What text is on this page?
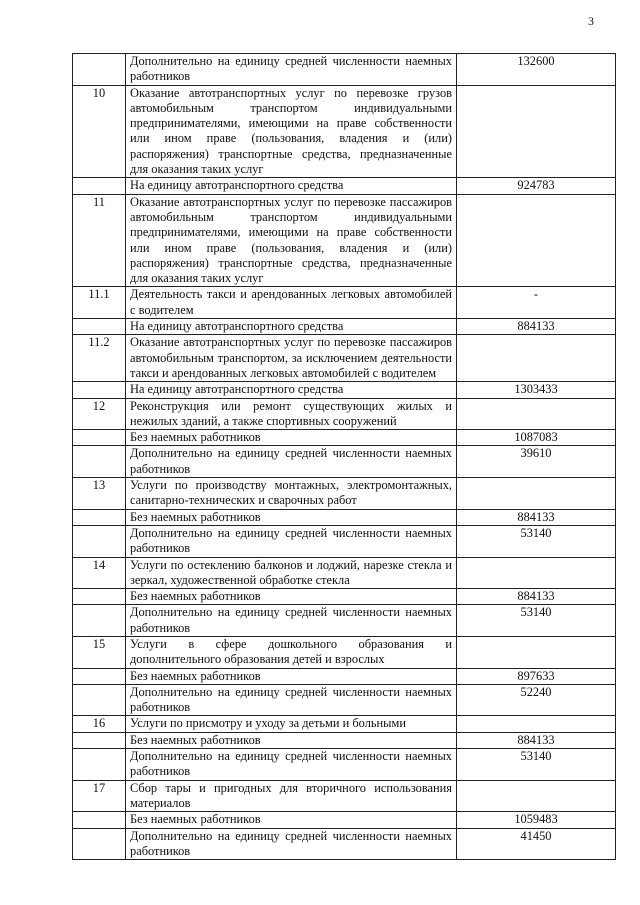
3
	Дополнительно на единицу средней численности наемных работников	132600
10	Оказание автотранспортных услуг по перевозке грузов автомобильным транспортом индивидуальными предпринимателями, имеющими на праве собственности или ином праве (пользования, владения и (или) распоряжения) транспортные средства, предназначенные для оказания таких услуг	
	На единицу автотранспортного средства	924783
11	Оказание автотранспортных услуг по перевозке пассажиров автомобильным транспортом индивидуальными предпринимателями, имеющими на праве собственности или ином праве (пользования, владения и (или) распоряжения) транспортные средства, предназначенные для оказания таких услуг	
11.1	Деятельность такси и арендованных легковых автомобилей с водителем	-
	На единицу автотранспортного средства	884133
11.2	Оказание автотранспортных услуг по перевозке пассажиров автомобильным транспортом, за исключением деятельности такси и арендованных легковых автомобилей с водителем	
	На единицу автотранспортного средства	1303433
12	Реконструкция или ремонт существующих жилых и нежилых зданий, а также спортивных сооружений	
	Без наемных работников	1087083
	Дополнительно на единицу средней численности наемных работников	39610
13	Услуги по производству монтажных, электромонтажных, санитарно-технических и сварочных работ	
	Без наемных работников	884133
	Дополнительно на единицу средней численности наемных работников	53140
14	Услуги по остеклению балконов и лоджий, нарезке стекла и зеркал, художественной обработке стекла	
	Без наемных работников	884133
	Дополнительно на единицу средней численности наемных работников	53140
15	Услуги в сфере дошкольного образования и дополнительного образования детей и взрослых	
	Без наемных работников	897633
	Дополнительно на единицу средней численности наемных работников	52240
16	Услуги по присмотру и уходу за детьми и больными	
	Без наемных работников	884133
	Дополнительно на единицу средней численности наемных работников	53140
17	Сбор тары и пригодных для вторичного использования материалов	
	Без наемных работников	1059483
	Дополнительно на единицу средней численности наемных работников	41450
